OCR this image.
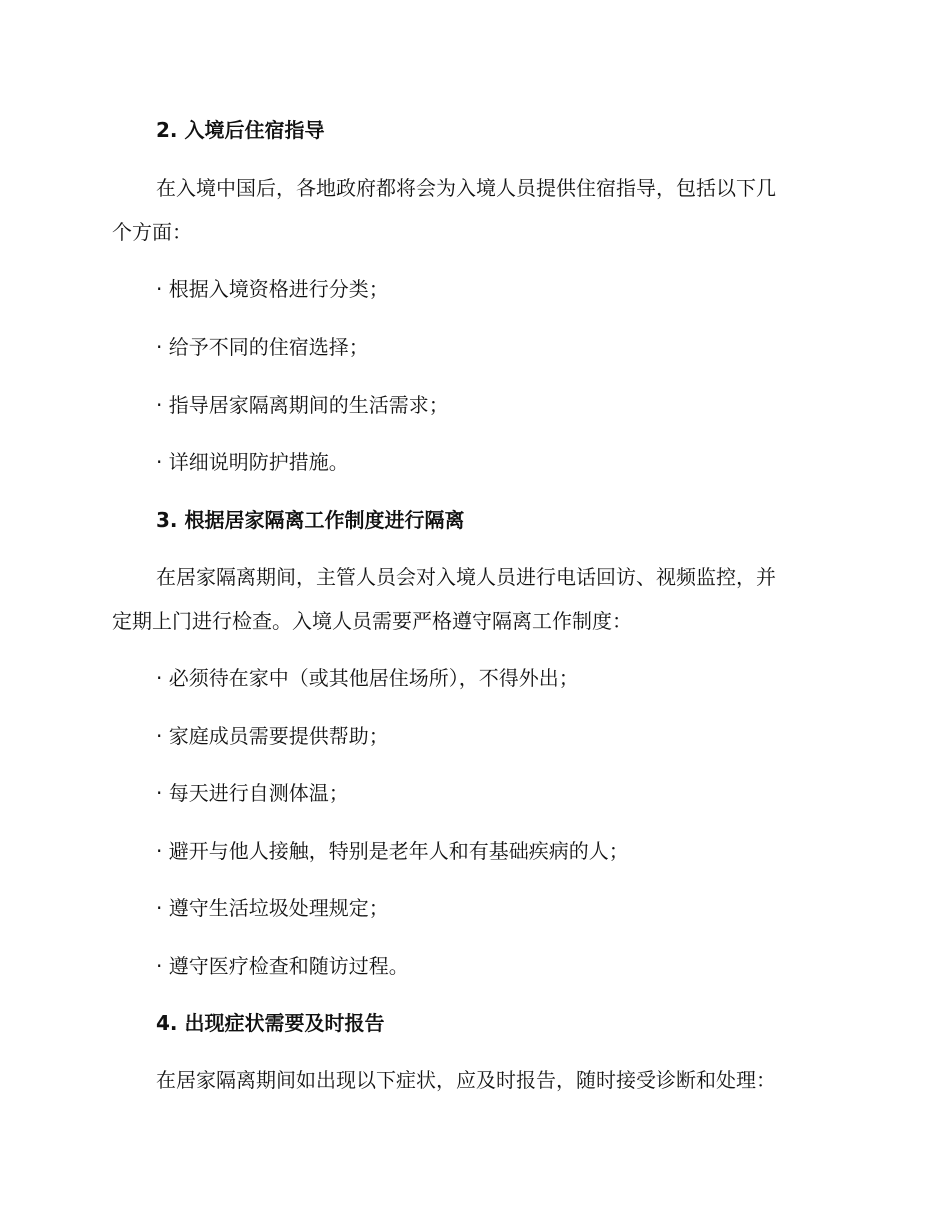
2. 入境后住宿指导
在入境中国后，各地政府都将会为入境人员提供住宿指导，包括以下几
个方面：
· 根据入境资格进行分类；
· 给予不同的住宿选择；
· 指导居家隔离期间的生活需求；
· 详细说明防护措施。
3. 根据居家隔离工作制度进行隔离
在居家隔离期间，主管人员会对入境人员进行电话回访、视频监控，并
定期上门进行检查。入境人员需要严格遵守隔离工作制度：
· 必须待在家中（或其他居住场所），不得外出；
· 家庭成员需要提供帮助；
· 每天进行自测体温；
· 避开与他人接触，特别是老年人和有基础疾病的人；
· 遵守生活垃圾处理规定；
· 遵守医疗检查和随访过程。
4. 出现症状需要及时报告
在居家隔离期间如出现以下症状，应及时报告，随时接受诊断和处理：
